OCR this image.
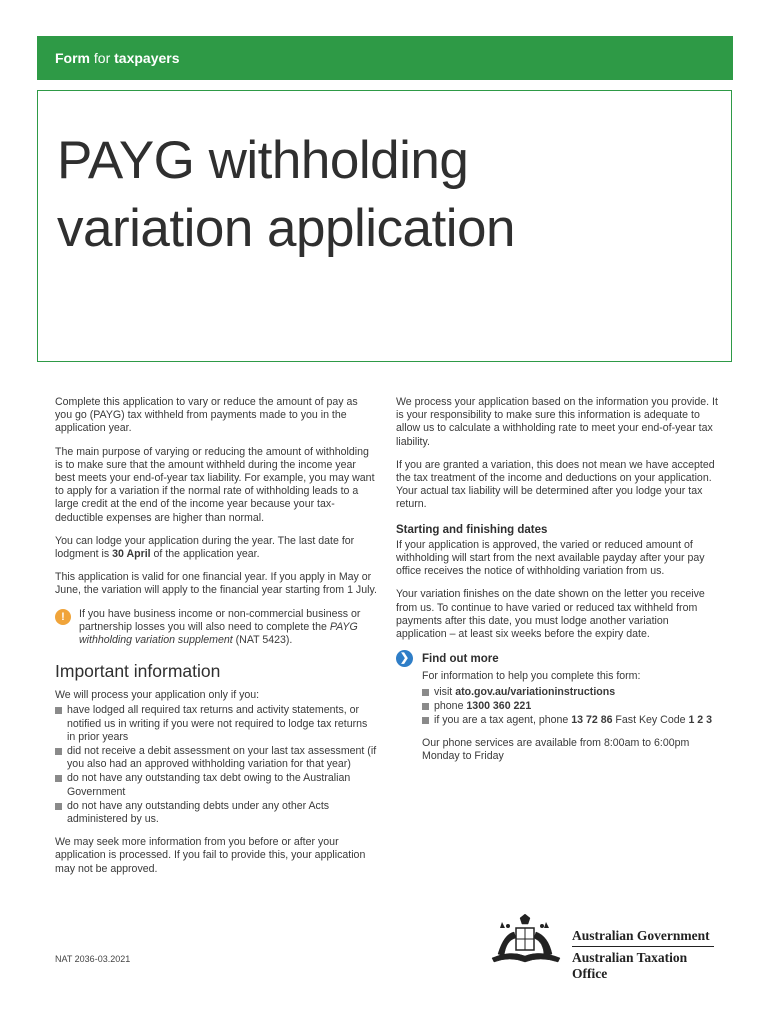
Form for taxpayers
PAYG withholding
variation application

Complete this application to vary or reduce the amount of pay as you go (PAYG) tax withheld from payments made to you in the application year.

The main purpose of varying or reducing the amount of withholding is to make sure that the amount withheld during the income year best meets your end-of-year tax liability. For example, you may want to apply for a variation if the normal rate of withholding leads to a large credit at the end of the income year because your tax-deductible expenses are higher than normal.

You can lodge your application during the year. The last date for lodgment is 30 April of the application year.

This application is valid for one financial year. If you apply in May or June, the variation will apply to the financial year starting from 1 July.

!	If you have business income or non-commercial business or partnership losses you will also need to complete the PAYG withholding variation supplement (NAT 5423).
Important information

We will process your application only if you:

have lodged all required tax returns and activity statements, or notified us in writing if you were not required to lodge tax returns in prior years
did not receive a debit assessment on your last tax assessment (if you also had an approved withholding variation for that year)
do not have any outstanding tax debt owing to the Australian Government
do not have any outstanding debts under any other Acts administered by us.

We may seek more information from you before or after your application is processed. If you fail to provide this, your application may not be approved.

We process your application based on the information you provide. It is your responsibility to make sure this information is adequate to allow us to calculate a withholding rate to meet your end-of-year tax liability.

If you are granted a variation, this does not mean we have accepted the tax treatment of the income and deductions on your application. Your actual tax liability will be determined after you lodge your tax return.

Starting and finishing dates

If your application is approved, the varied or reduced amount of withholding will start from the next available payday after your pay office receives the notice of withholding variation from us.

Your variation finishes on the date shown on the letter you receive from us. To continue to have varied or reduced tax withheld from payments after this date, you must lodge another variation application – at least six weeks before the expiry date.

❯	Find out more

For information to help you complete this form:

visit ato.gov.au/variationinstructions
phone 1300 360 221
if you are a tax agent, phone 13 72 86 Fast Key Code 1 2 3

Our phone services are available from 8:00am to 6:00pm Monday to Friday

NAT 2036-03.2021
Australian Government
Australian Taxation Office
